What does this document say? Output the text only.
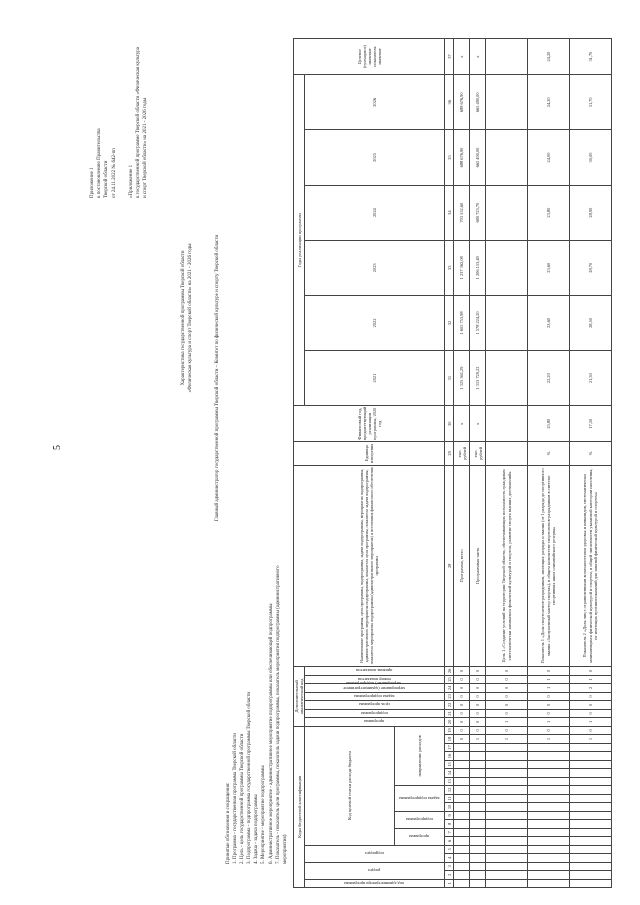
5
Приложение 1 к постановлению Правительства Тверской области от 24.11.2022 № 642-пп «Приложение 1 к государственной программе Тверской области «Физическая культура и спорт Тверской области» на 2021 - 2026 годы
Характеристика государственной программы Тверской области «Физическая культура и спорт Тверской области» на 2021 - 2026 годы	Главный администратор государственной программы Тверской области – Комитет по физической культуре и спорту Тверской области
Принятые обозначения и сокращения: 1. Программа - государственная программа Тверской области 2. Цель - цель государственной программы Тверской области 3. Подпрограмма - подпрограмма государственной программы Тверской области 4. Задача - задача подпрограммы 5. Мероприятие - мероприятие подпрограммы 6. Административное мероприятие - административное мероприятие подпрограммы или обеспечивающей подпрограммы 7. Показатель - показатель цели программы, показатель задачи подпрограммы, показатель мероприятия подпрограммы (административного мероприятия)
Коды бюджетной классификации																			Дополнительный аналитический код							Наименование программы, цели программы, подпрограммы, задачи подпрограммы, мероприятия подпрограммы, административного мероприятия подпрограммы, показателя цели программы, показателя задачи подпрограммы, показателя мероприятия подпрограммы (административного мероприятия) и источников финансового обеспечения программы	Единица измерения	Финансовый год, предшествующий реализации программы, 2020 год	Годы реализации программы						Целевое (суммарное) значение показателя
значение
код администратора программы	раздел		подраздел		Код целевой статьи расхода бюджета														программа	подпрограмма	цель программы	задача подпрограммы	мероприятие (административное мероприятие) подпрограммы	номер показателя	признак показателя				2021	2022	2023	2024	2025	2026	
					программа		подпрограмма		задача подпрограммы			направление расходов																							
1	2	3	4	5	6	7	8	9	10	11	12	13	14	15	16	17	18	19	20	21	22	23	24	25	26	28	29	30	31	32	33	34	35	36	37
																	0	0	0	0	0	0	0	0	0	Программа, всего	тыс. рублей	х	1 325 361,29	1 605 753,98	1 237 362,08	703 552,60	688 676,90	688 676,90	х
																	1	0	0	0	0	0	0	0	0	Программная часть	тыс. рублей	х	1 313 729,22	1 578 224,20	1 206 153,49	680 723,70	665 490,00	665 490,00	х
																	1	0	1	0	0	0	0	0	0	Цель 1 «Создание условий на территории Тверской области, обеспечивающих возможность гражданам систематически заниматься физической культурой и спортом, развитие спорта высших достижений»									
																	1	0	1	0	0	0	1	1	0	Показатель 1 «Доля спортсменов-разрядников, имеющих разряды и звания (от I разряда до спортивного звания «Заслуженный мастер спорта»), в общем количестве спортсменов-разрядников в системе спортивных школ олимпийского резерва»	%	23,80	22,20	23,60	23,60	23,80	24,00	24,20	24,20
																	1	0	1	0	0	0	2	1	0	Показатель 2 «Доля лиц с ограниченными возможностями здоровья и инвалидов, систематически занимающихся физической культурой и спортом, в общей численности указанной категории населения, не имеющих противопоказаний для занятий физической культурой и спортом»	%	17,50	21,30	28,50	28,70	28,90	30,00	31,70	31,70
